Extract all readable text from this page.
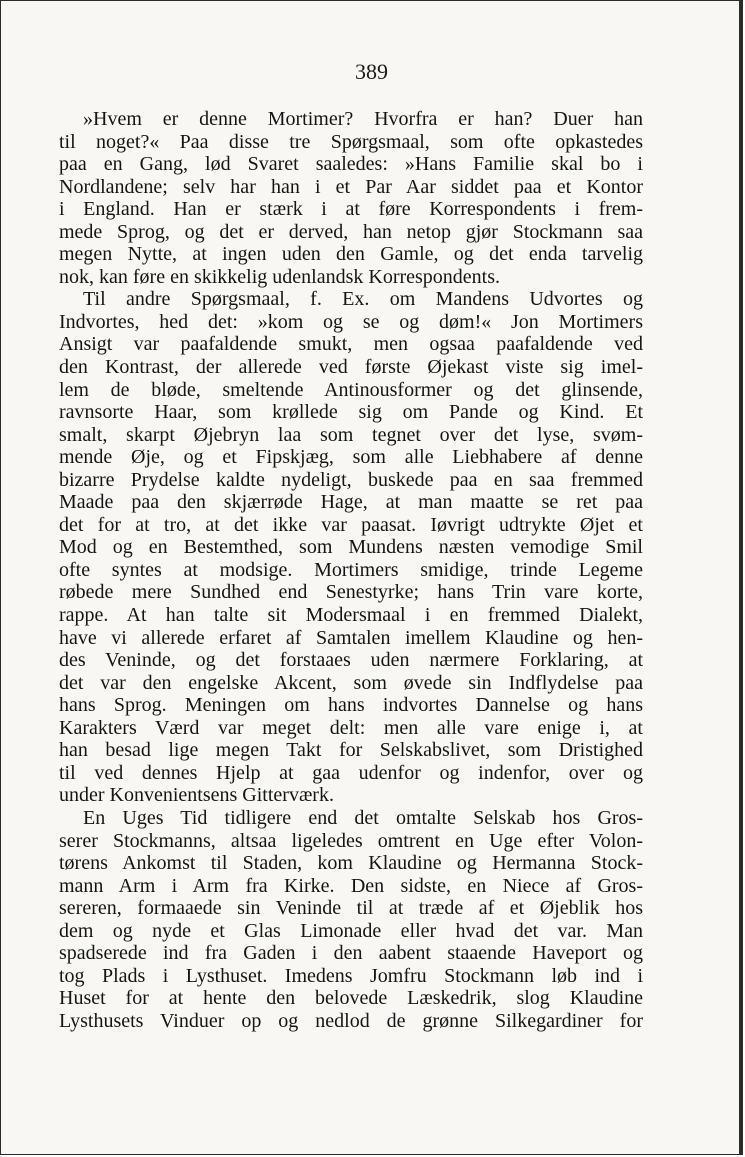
389
»Hvem er denne Mortimer? Hvorfra er han? Duer han
til noget?« Paa disse tre Spørgsmaal, som ofte opkastedes
paa en Gang, lød Svaret saaledes: »Hans Familie skal bo i
Nordlandene; selv har han i et Par Aar siddet paa et Kontor
i England. Han er stærk i at føre Korrespondents i frem-
mede Sprog, og det er derved, han netop gjør Stockmann saa
megen Nytte, at ingen uden den Gamle, og det enda tarvelig
nok, kan føre en skikkelig udenlandsk Korrespondents.
Til andre Spørgsmaal, f. Ex. om Mandens Udvortes og
Indvortes, hed det: »kom og se og døm!« Jon Mortimers
Ansigt var paafaldende smukt, men ogsaa paafaldende ved
den Kontrast, der allerede ved første Øjekast viste sig imel-
lem de bløde, smeltende Antinousformer og det glinsende,
ravnsorte Haar, som krøllede sig om Pande og Kind. Et
smalt, skarpt Øjebryn laa som tegnet over det lyse, svøm-
mende Øje, og et Fipskjæg, som alle Liebhabere af denne
bizarre Prydelse kaldte nydeligt, buskede paa en saa fremmed
Maade paa den skjærrøde Hage, at man maatte se ret paa
det for at tro, at det ikke var paasat. Iøvrigt udtrykte Øjet et
Mod og en Bestemthed, som Mundens næsten vemodige Smil
ofte syntes at modsige. Mortimers smidige, trinde Legeme
røbede mere Sundhed end Senestyrke; hans Trin vare korte,
rappe. At han talte sit Modersmaal i en fremmed Dialekt,
have vi allerede erfaret af Samtalen imellem Klaudine og hen-
des Veninde, og det forstaaes uden nærmere Forklaring, at
det var den engelske Akcent, som øvede sin Indflydelse paa
hans Sprog. Meningen om hans indvortes Dannelse og hans
Karakters Værd var meget delt: men alle vare enige i, at
han besad lige megen Takt for Selskabslivet, som Dristighed
til ved dennes Hjelp at gaa udenfor og indenfor, over og
under Konvenientsens Gitterværk.
En Uges Tid tidligere end det omtalte Selskab hos Gros-
serer Stockmanns, altsaa ligeledes omtrent en Uge efter Volon-
tørens Ankomst til Staden, kom Klaudine og Hermanna Stock-
mann Arm i Arm fra Kirke. Den sidste, en Niece af Gros-
sereren, formaaede sin Veninde til at træde af et Øjeblik hos
dem og nyde et Glas Limonade eller hvad det var. Man
spadserede ind fra Gaden i den aabent staaende Haveport og
tog Plads i Lysthuset. Imedens Jomfru Stockmann løb ind i
Huset for at hente den belovede Læskedrik, slog Klaudine
Lysthusets Vinduer op og nedlod de grønne Silkegardiner for
